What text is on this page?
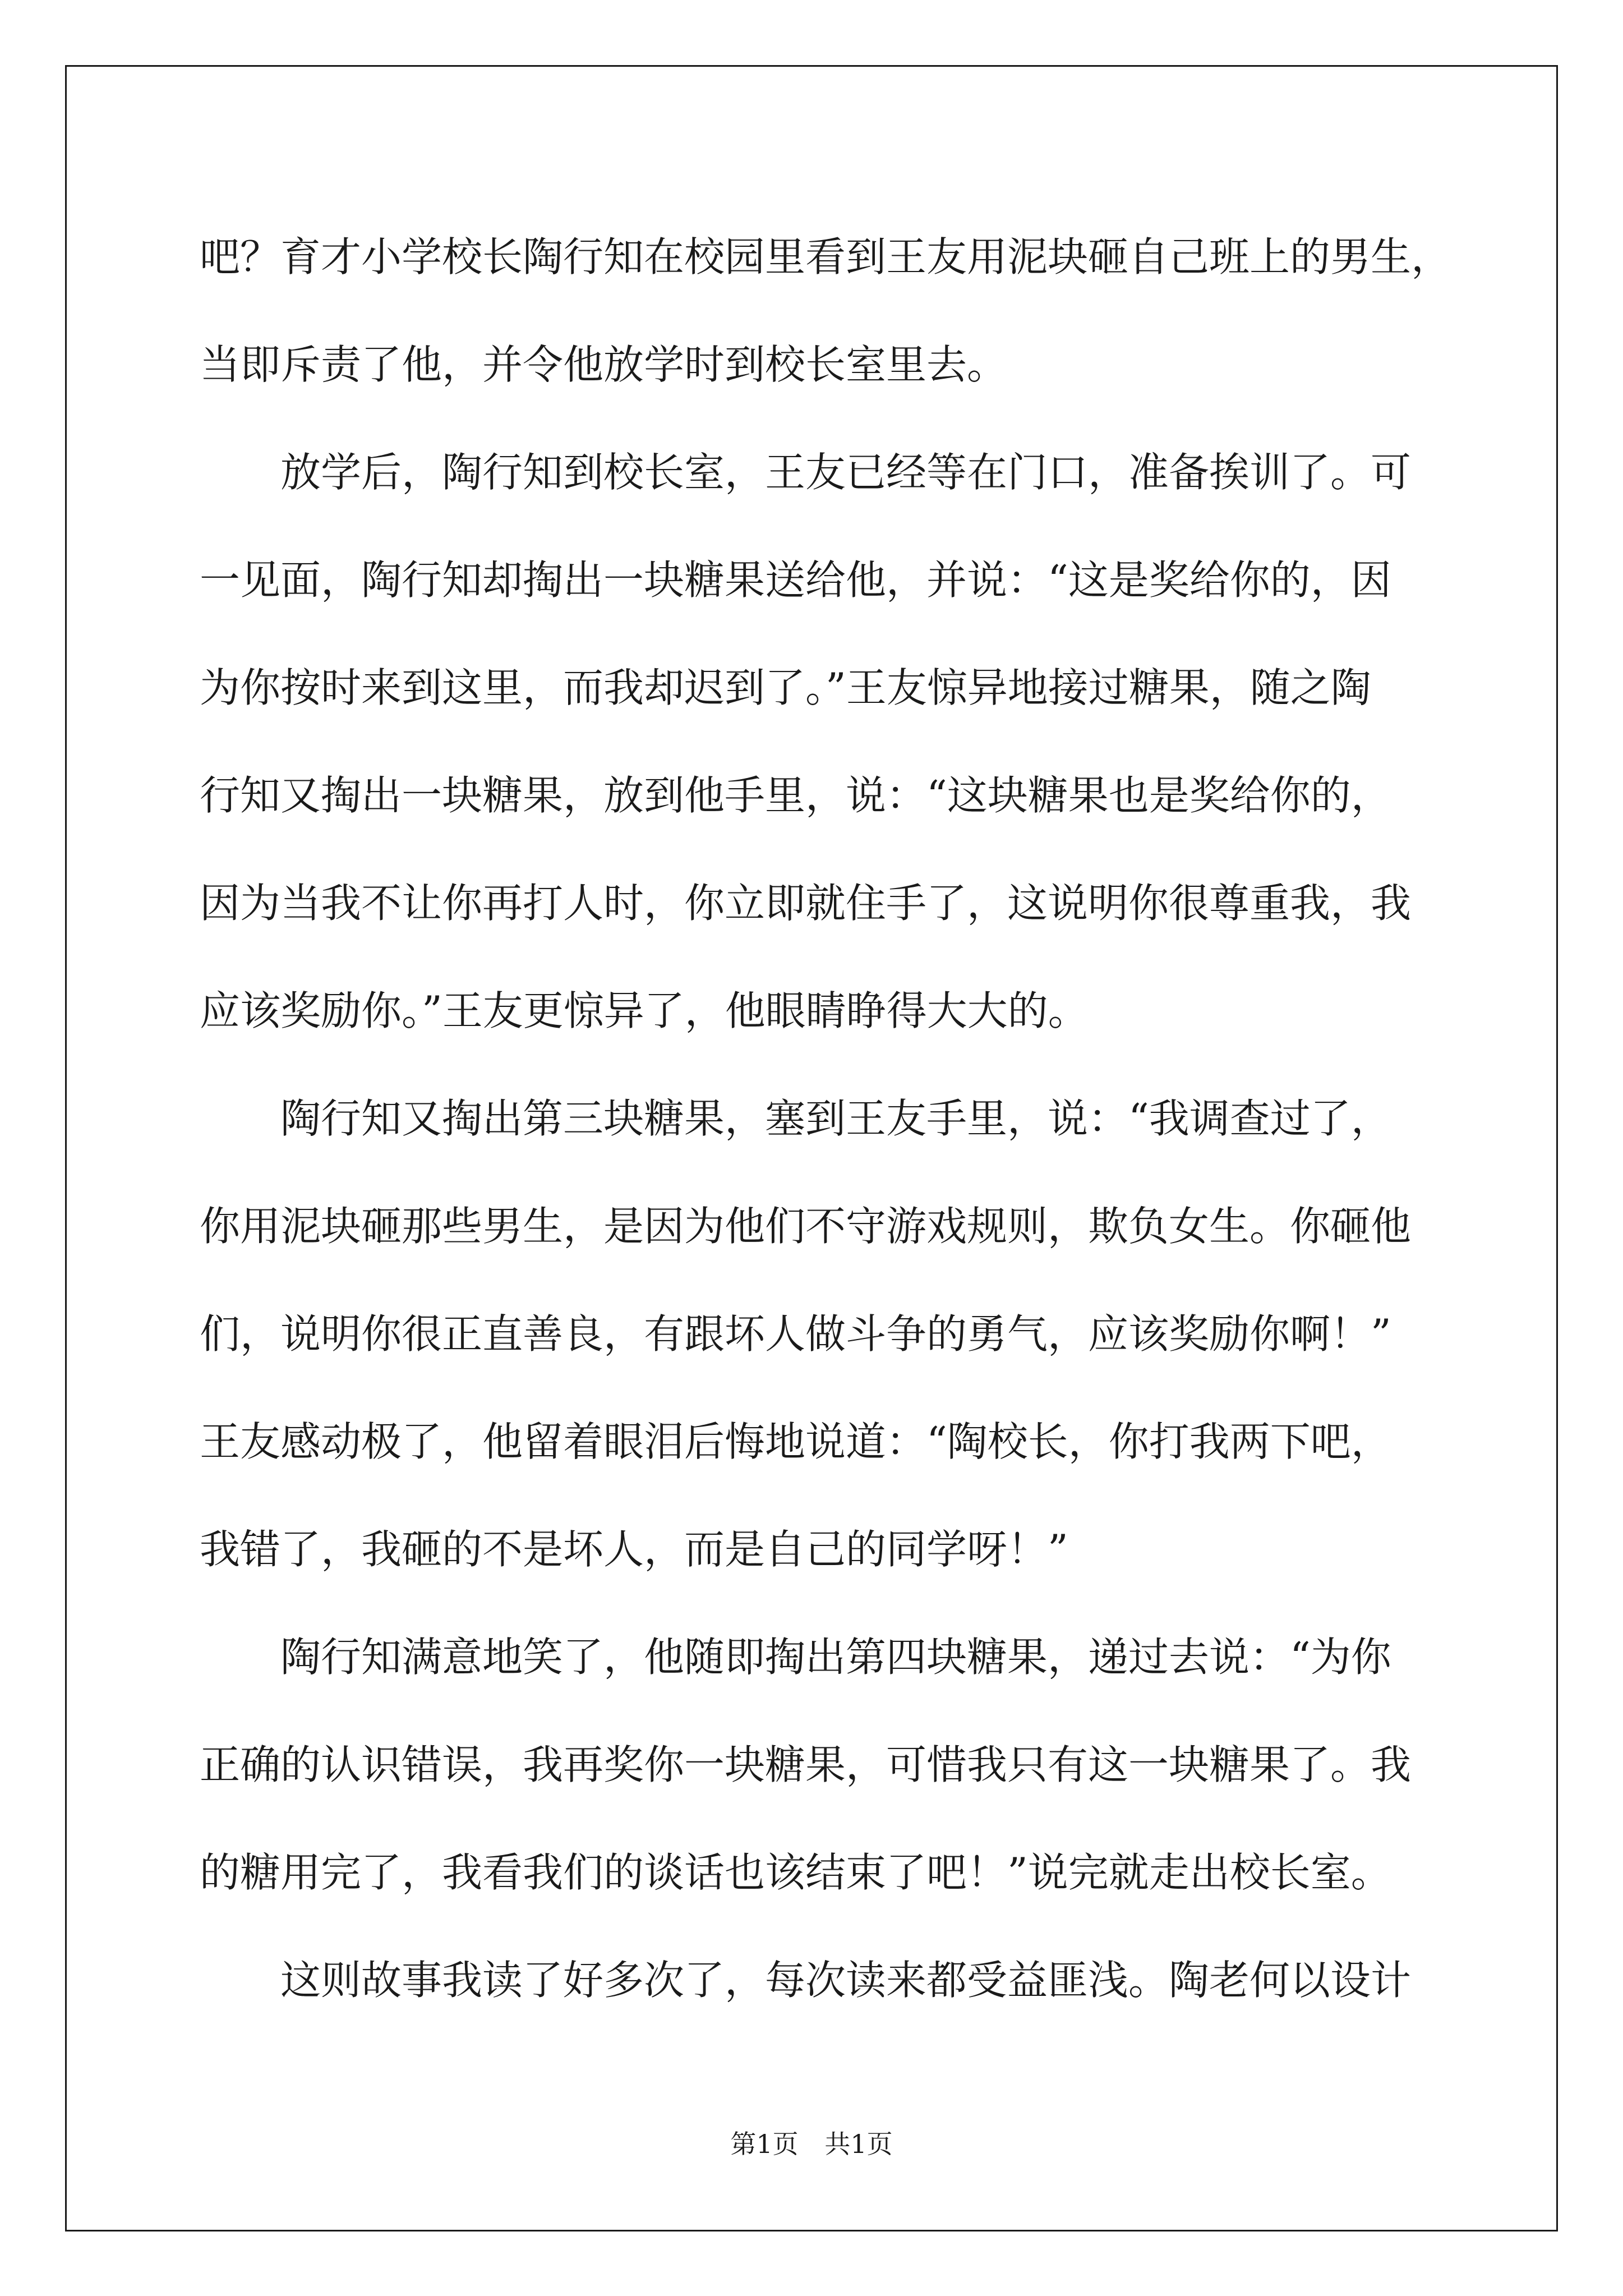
吧？育才小学校长陶行知在校园里看到王友用泥块砸自己班上的男生，
当即斥责了他，并令他放学时到校长室里去。
放学后，陶行知到校长室，王友已经等在门口，准备挨训了。可
一见面，陶行知却掏出一块糖果送给他，并说：“这是奖给你的，因
为你按时来到这里，而我却迟到了。”王友惊异地接过糖果，随之陶
行知又掏出一块糖果，放到他手里，说：“这块糖果也是奖给你的，
因为当我不让你再打人时，你立即就住手了，这说明你很尊重我，我
应该奖励你。”王友更惊异了，他眼睛睁得大大的。
陶行知又掏出第三块糖果，塞到王友手里，说：“我调查过了，
你用泥块砸那些男生，是因为他们不守游戏规则，欺负女生。你砸他
们，说明你很正直善良，有跟坏人做斗争的勇气，应该奖励你啊！”
王友感动极了，他留着眼泪后悔地说道：“陶校长，你打我两下吧，
我错了，我砸的不是坏人，而是自己的同学呀！”
陶行知满意地笑了，他随即掏出第四块糖果，递过去说：“为你
正确的认识错误，我再奖你一块糖果，可惜我只有这一块糖果了。我
的糖用完了，我看我们的谈话也该结束了吧！”说完就走出校长室。
这则故事我读了好多次了，每次读来都受益匪浅。陶老何以设计
第1页 共1页
